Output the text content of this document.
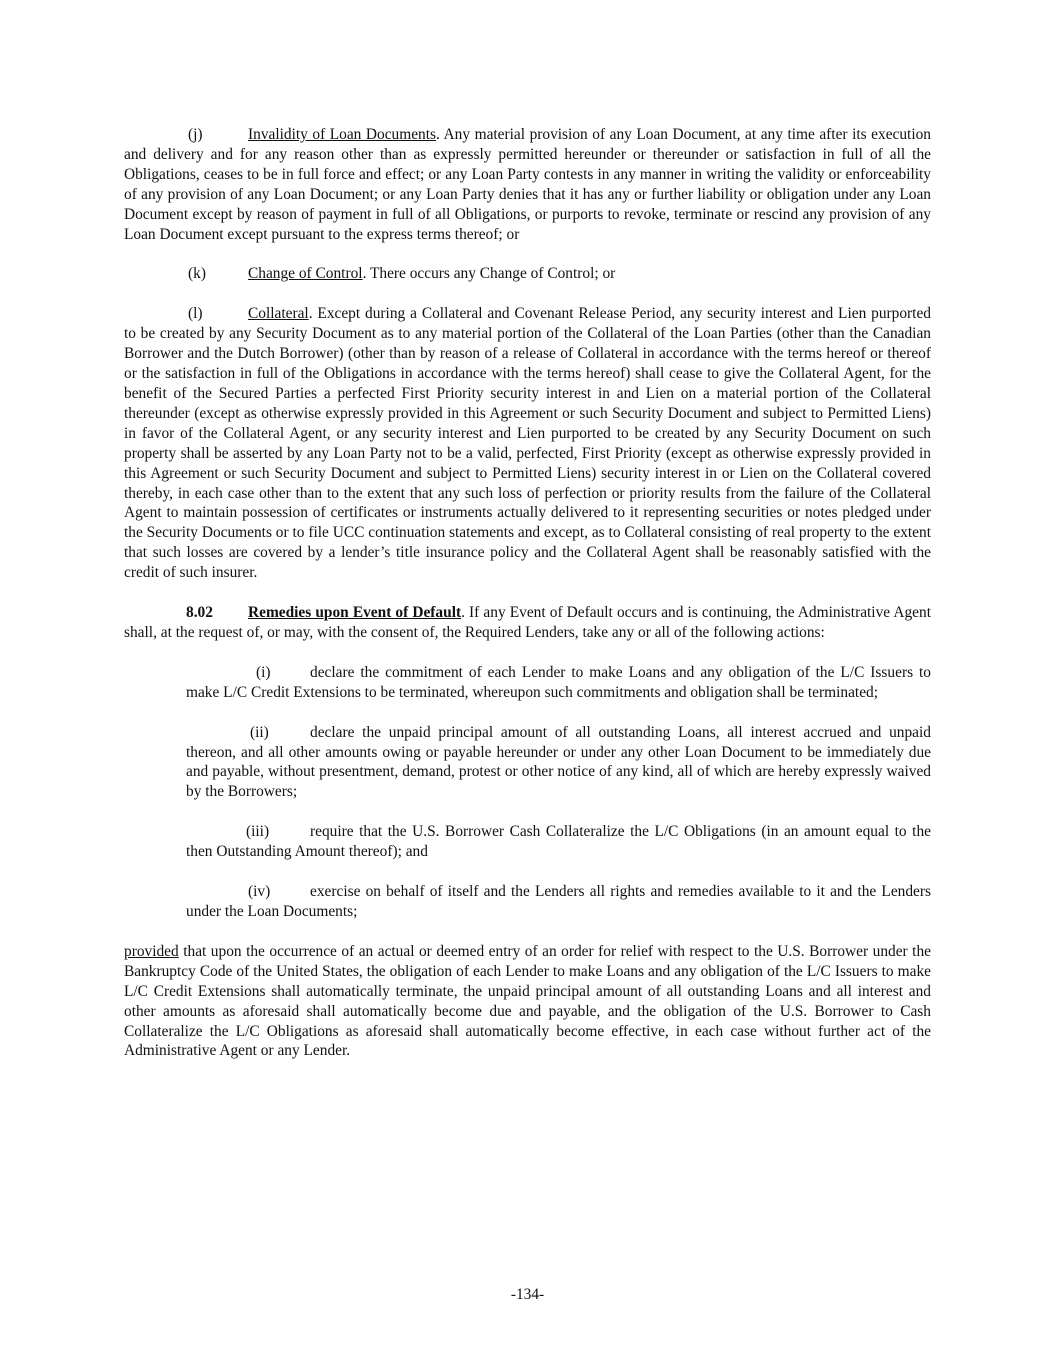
(j)	Invalidity of Loan Documents. Any material provision of any Loan Document, at any time after its execution and delivery and for any reason other than as expressly permitted hereunder or thereunder or satisfaction in full of all the Obligations, ceases to be in full force and effect; or any Loan Party contests in any manner in writing the validity or enforceability of any provision of any Loan Document; or any Loan Party denies that it has any or further liability or obligation under any Loan Document except by reason of payment in full of all Obligations, or purports to revoke, terminate or rescind any provision of any Loan Document except pursuant to the express terms thereof; or

(k)	Change of Control. There occurs any Change of Control; or

(l)	Collateral. Except during a Collateral and Covenant Release Period, any security interest and Lien purported to be created by any Security Document as to any material portion of the Collateral of the Loan Parties (other than the Canadian Borrower and the Dutch Borrower) (other than by reason of a release of Collateral in accordance with the terms hereof or thereof or the satisfaction in full of the Obligations in accordance with the terms hereof) shall cease to give the Collateral Agent, for the benefit of the Secured Parties a perfected First Priority security interest in and Lien on a material portion of the Collateral thereunder (except as otherwise expressly provided in this Agreement or such Security Document and subject to Permitted Liens) in favor of the Collateral Agent, or any security interest and Lien purported to be created by any Security Document on such property shall be asserted by any Loan Party not to be a valid, perfected, First Priority (except as otherwise expressly provided in this Agreement or such Security Document and subject to Permitted Liens) security interest in or Lien on the Collateral covered thereby, in each case other than to the extent that any such loss of perfection or priority results from the failure of the Collateral Agent to maintain possession of certificates or instruments actually delivered to it representing securities or notes pledged under the Security Documents or to file UCC continuation statements and except, as to Collateral consisting of real property to the extent that such losses are covered by a lender’s title insurance policy and the Collateral Agent shall be reasonably satisfied with the credit of such insurer.

8.02 Remedies upon Event of Default. If any Event of Default occurs and is continuing, the Administrative Agent shall, at the request of, or may, with the consent of, the Required Lenders, take any or all of the following actions:

(i)	declare the commitment of each Lender to make Loans and any obligation of the L/C Issuers to make L/C Credit Extensions to be terminated, whereupon such commitments and obligation shall be terminated;

(ii)	declare the unpaid principal amount of all outstanding Loans, all interest accrued and unpaid thereon, and all other amounts owing or payable hereunder or under any other Loan Document to be immediately due and payable, without presentment, demand, protest or other notice of any kind, all of which are hereby expressly waived by the Borrowers;

(iii)	require that the U.S. Borrower Cash Collateralize the L/C Obligations (in an amount equal to the then Outstanding Amount thereof); and

(iv)	exercise on behalf of itself and the Lenders all rights and remedies available to it and the Lenders under the Loan Documents;

provided that upon the occurrence of an actual or deemed entry of an order for relief with respect to the U.S. Borrower under the Bankruptcy Code of the United States, the obligation of each Lender to make Loans and any obligation of the L/C Issuers to make L/C Credit Extensions shall automatically terminate, the unpaid principal amount of all outstanding Loans and all interest and other amounts as aforesaid shall automatically become due and payable, and the obligation of the U.S. Borrower to Cash Collateralize the L/C Obligations as aforesaid shall automatically become effective, in each case without further act of the Administrative Agent or any Lender.

-134-
